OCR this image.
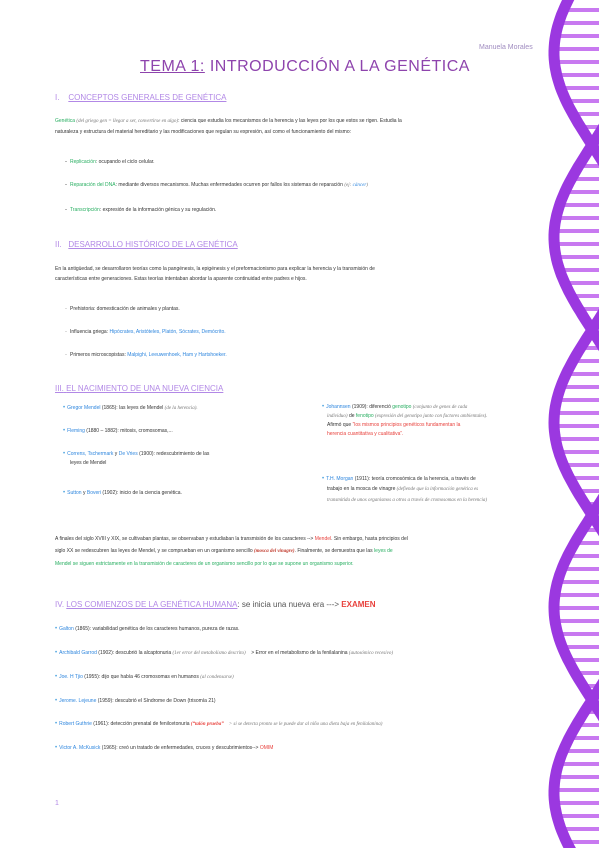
Manuela Morales
TEMA 1: INTRODUCCIÓN A LA GENÉTICA
I. CONCEPTOS GENERALES DE GENÉTICA
Genética (del griego gen = llegar a ser, convertirse en algo): ciencia que estudia los mecanismos de la herencia y las leyes por los que estos se rigen. Estudia la
naturaleza y estructura del material hereditario y las modificaciones que regulan su expresión, así como el funcionamiento del mismo:
- Replicación: ocupando el ciclo celular.
- Reparación del DNA: mediante diversos mecanismos. Muchas enfermedades ocurren por fallos los sistemas de reparación (ej: cáncer)
- Transcripción: expresión de la información génica y su regulación.
II. DESARROLLO HISTÓRICO DE LA GENÉTICA
En la antigüedad, se desarrollaron teorías como la pangénesis, la epigénesis y el preformacionismo para explicar la herencia y la transmisión de
características entre generaciones. Estas teorías intentaban abordar la aparente continuidad entre padres e hijos.
· Prehistoria: domesticación de animales y plantas.
· Influencia griega: Hipócrates, Aristóteles, Platón, Sócrates, Demócrito.
· Primeros microscopistas: Malpighi, Leeuwenhoek, Ham y Hartshoeker.
III. EL NACIMIENTO DE UNA NUEVA CIENCIA
• Gregor Mendel (1865): las leyes de Mendel (de la herencia).
• Fleming (1880 – 1882): mitosis, cromosomas,...
• Correns, Tschermark y De Vries (1900): redescubrimiento de las
leyes de Mendel
• Sutton y Boveri (1902): inicio de la ciencia genética.
• Johannsen (1909): diferenció genotipo (conjunto de genes de cada
individuo) de fenotipo (expresión del genotipo junto con factores ambientales).
Afirmó que “los mismos principios genéticos fundamentan la
herencia cuantitativa y cualitativa”.
• T.H. Morgan (1911): teoría cromosómica de la herencia, a través de
trabajo en la mosca de vinagre (defiende que la información genética es
transmitida de unos organismos a otros a través de cromosomas en la herencia)
A finales del siglo XVIII y XIX, se cultivaban plantas, se observaban y estudiaban la transmisión de los caracteres --> Mendel. Sin embargo, hasta principios del
siglo XX se redescubren las leyes de Mendel, y se comprueban en un organismo sencillo (mosca del vinagre). Finalmente, se demuestra que las leyes de
Mendel se siguen estrictamente en la transmisión de caracteres de un organismo sencillo por lo que se supone un organismo superior.
IV. LOS COMIENZOS DE LA GENÉTICA HUMANA: se inicia una nueva era ---> EXAMEN
• Galton (1865): variabilidad genética de los caracteres humanos, pureza de razas.
• Archibald Garrod (1902): descubrió la alcaptonuria (1er error del metabolismo descrito)    > Error en el metabolismo de la fenilalanina (autosómico recesivo)
• Joe. H Tjio (1955): dijo que había 46 cromosomas en humanos (al condensarse)
• Jerome. Lejeune (1959): descubrió el Síndrome de Down (trisomía 21)
• Robert Guthrie (1961): detección prenatal de fenilcetonuria (“talón prueba”    > si se detecta pronto se le puede dar al niño una dieta baja en fenilalanina)
• Victor A. McKusick (1965): creó un tratado de enfermedades, cruces y descubrimientos--> OMIM
1
